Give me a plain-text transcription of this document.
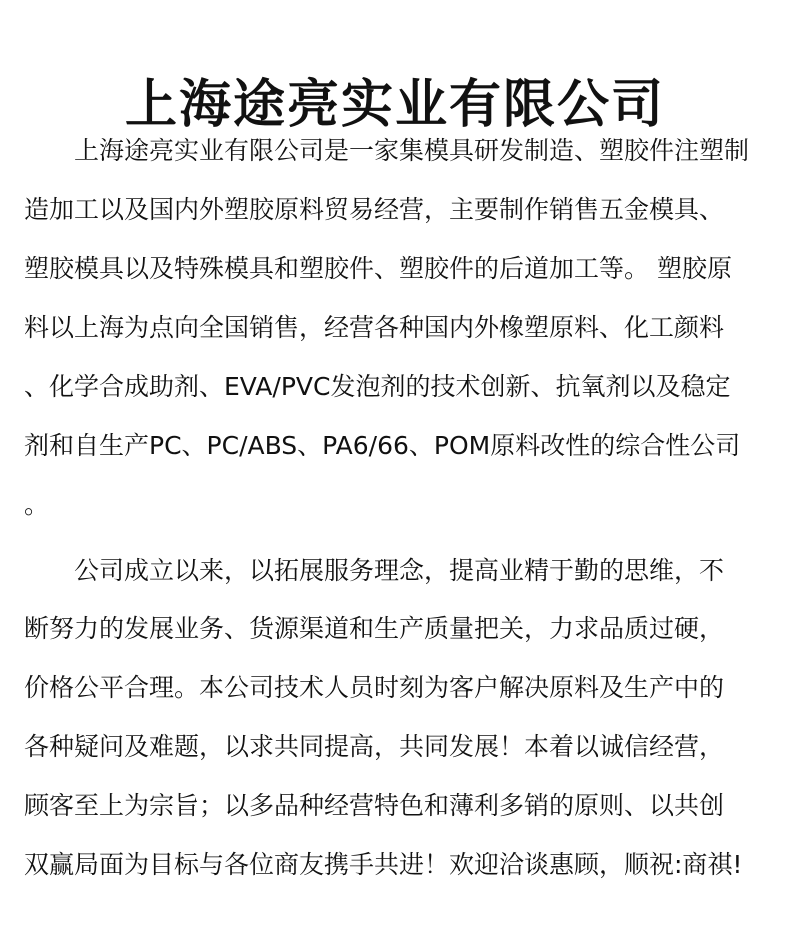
上海途亮实业有限公司
上海途亮实业有限公司是一家集模具研发制造、塑胶件注塑制
造加工以及国内外塑胶原料贸易经营，主要制作销售五金模具、
塑胶模具以及特殊模具和塑胶件、塑胶件的后道加工等。 塑胶原
料以上海为点向全国销售，经营各种国内外橡塑原料、化工颜料
、化学合成助剂、EVA/PVC发泡剂的技术创新、抗氧剂以及稳定
剂和自生产PC、PC/ABS、PA6/66、POM原料改性的综合性公司
。
公司成立以来，以拓展服务理念，提高业精于勤的思维，不
断努力的发展业务、货源渠道和生产质量把关，力求品质过硬，
价格公平合理。本公司技术人员时刻为客户解决原料及生产中的
各种疑问及难题，以求共同提高，共同发展！本着以诚信经营，
顾客至上为宗旨；以多品种经营特色和薄利多销的原则、以共创
双赢局面为目标与各位商友携手共进！欢迎洽谈惠顾，顺祝:商祺!
